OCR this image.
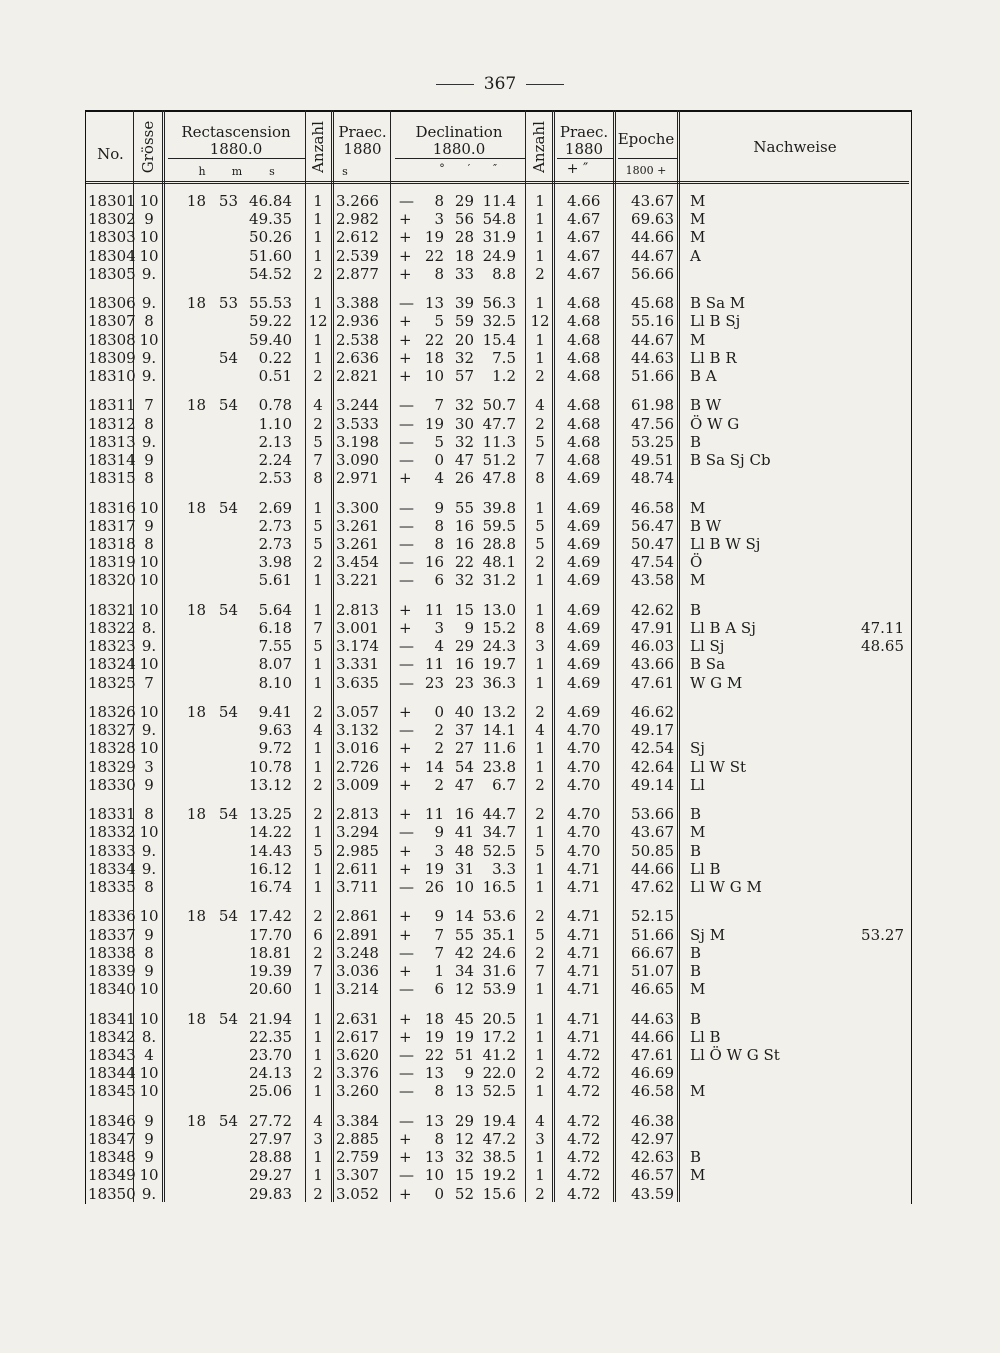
367
No.	Grösse	Rectascension
1880.0
h	m	s Anzahl Praec.
1880
s
Declination
1880.0
°	′	″	Anzahl Praec.
1880
+ ″
Epoche
1800 +
Nachweise
18301 10	18 53 46.84	1 3.266	—	8 29 11.4	1	4.66	43.67 M
18302 9	49.35	1 2.982	+	3 56 54.8	1	4.67	69.63 M
18303 10	50.26	1 2.612	+ 19 28 31.9	1	4.67	44.66 M
18304 10	51.60	1 2.539	+ 22 18 24.9	1	4.67	44.67 A
18305 9.	54.52	2 2.877	+	8 33	8.8	2	4.67	56.66
18306 9.	18 53 55.53	1 3.388	— 13 39 56.3	1	4.68	45.68 B Sa M
18307 8	59.22 12 2.936	+	5 59 32.5 12 4.68	55.16 Ll B Sj
18308 10	59.40	1 2.538	+ 22 20 15.4	1	4.68	44.67 M
18309 9.	54	0.22	1 2.636	+ 18 32	7.5	1	4.68	44.63 Ll B R
18310 9.	0.51	2 2.821	+ 10 57	1.2	2	4.68	51.66 B A
18311 7	18 54	0.78	4 3.244	—	7 32 50.7	4	4.68	61.98 B W
18312 8	1.10	2 3.533	— 19 30 47.7	2	4.68	47.56 Ö W G
18313 9.	2.13	5 3.198	—	5 32 11.3	5	4.68	53.25 B
18314 9	2.24	7 3.090	—	0 47 51.2	7	4.68	49.51 B Sa Sj Cb
18315 8	2.53	8 2.971	+	4 26 47.8	8	4.69	48.74
18316 10	18 54	2.69	1 3.300	—	9 55 39.8	1	4.69	46.58 M
18317 9	2.73	5 3.261	—	8 16 59.5	5	4.69	56.47 B W
18318 8	2.73	5 3.261	—	8 16 28.8	5	4.69	50.47 Ll B W Sj
18319 10	3.98	2 3.454	— 16 22 48.1	2	4.69	47.54 Ö
18320 10	5.61	1 3.221	—	6 32 31.2	1	4.69	43.58 M
18321 10	18 54	5.64	1 2.813	+ 11 15 13.0	1	4.69	42.62 B
18322 8.	6.18	7 3.001	+	3	9 15.2	8	4.69	47.91 Ll B A Sj	47.11
18323 9.	7.55	5 3.174	—	4 29 24.3	3	4.69	46.03 Ll Sj	48.65
18324 10	8.07	1 3.331	— 11 16 19.7	1	4.69	43.66 B Sa
18325 7	8.10	1 3.635	— 23 23 36.3	1	4.69	47.61 W G M
18326 10	18 54	9.41	2 3.057	+	0 40 13.2	2	4.69	46.62
18327 9.	9.63	4 3.132	—	2 37 14.1	4	4.70	49.17
18328 10	9.72	1 3.016	+	2 27 11.6	1	4.70	42.54 Sj
18329 3	10.78	1 2.726	+ 14 54 23.8	1	4.70	42.64 Ll W St
18330 9	13.12	2 3.009	+	2 47	6.7	2	4.70	49.14 Ll
18331 8	18 54 13.25	2 2.813	+ 11 16 44.7	2	4.70	53.66 B
18332 10	14.22	1 3.294	—	9 41 34.7	1	4.70	43.67 M
18333 9.	14.43	5 2.985	+	3 48 52.5	5	4.70	50.85 B
18334 9.	16.12	1 2.611	+ 19 31	3.3	1	4.71	44.66 Ll B
18335 8	16.74	1 3.711	— 26 10 16.5	1	4.71	47.62 Ll W G M
18336 10	18 54 17.42	2 2.861	+	9 14 53.6	2	4.71	52.15
18337 9	17.70	6 2.891	+	7 55 35.1	5	4.71	51.66 Sj M	53.27
18338 8	18.81	2 3.248	—	7 42 24.6	2	4.71	66.67 B
18339 9	19.39	7 3.036	+	1 34 31.6	7	4.71	51.07 B
18340 10	20.60	1 3.214	—	6 12 53.9	1	4.71	46.65 M
18341 10	18 54 21.94	1 2.631	+ 18 45 20.5	1	4.71	44.63 B
18342 8.	22.35	1 2.617	+ 19 19 17.2	1	4.71	44.66 Ll B
18343 4	23.70	1 3.620	— 22 51 41.2	1	4.72	47.61 Ll Ö W G St
18344 10	24.13	2 3.376	— 13	9 22.0	2	4.72	46.69
18345 10	25.06	1 3.260	—	8 13 52.5	1	4.72	46.58 M
18346 9	18 54 27.72	4 3.384	— 13 29 19.4	4	4.72	46.38
18347 9	27.97	3 2.885	+	8 12 47.2	3	4.72	42.97
18348 9	28.88	1 2.759	+ 13 32 38.5	1	4.72	42.63 B
18349 10	29.27	1 3.307	— 10 15 19.2	1	4.72	46.57 M
18350 9.	29.83	2 3.052	+	0 52 15.6	2	4.72	43.59
